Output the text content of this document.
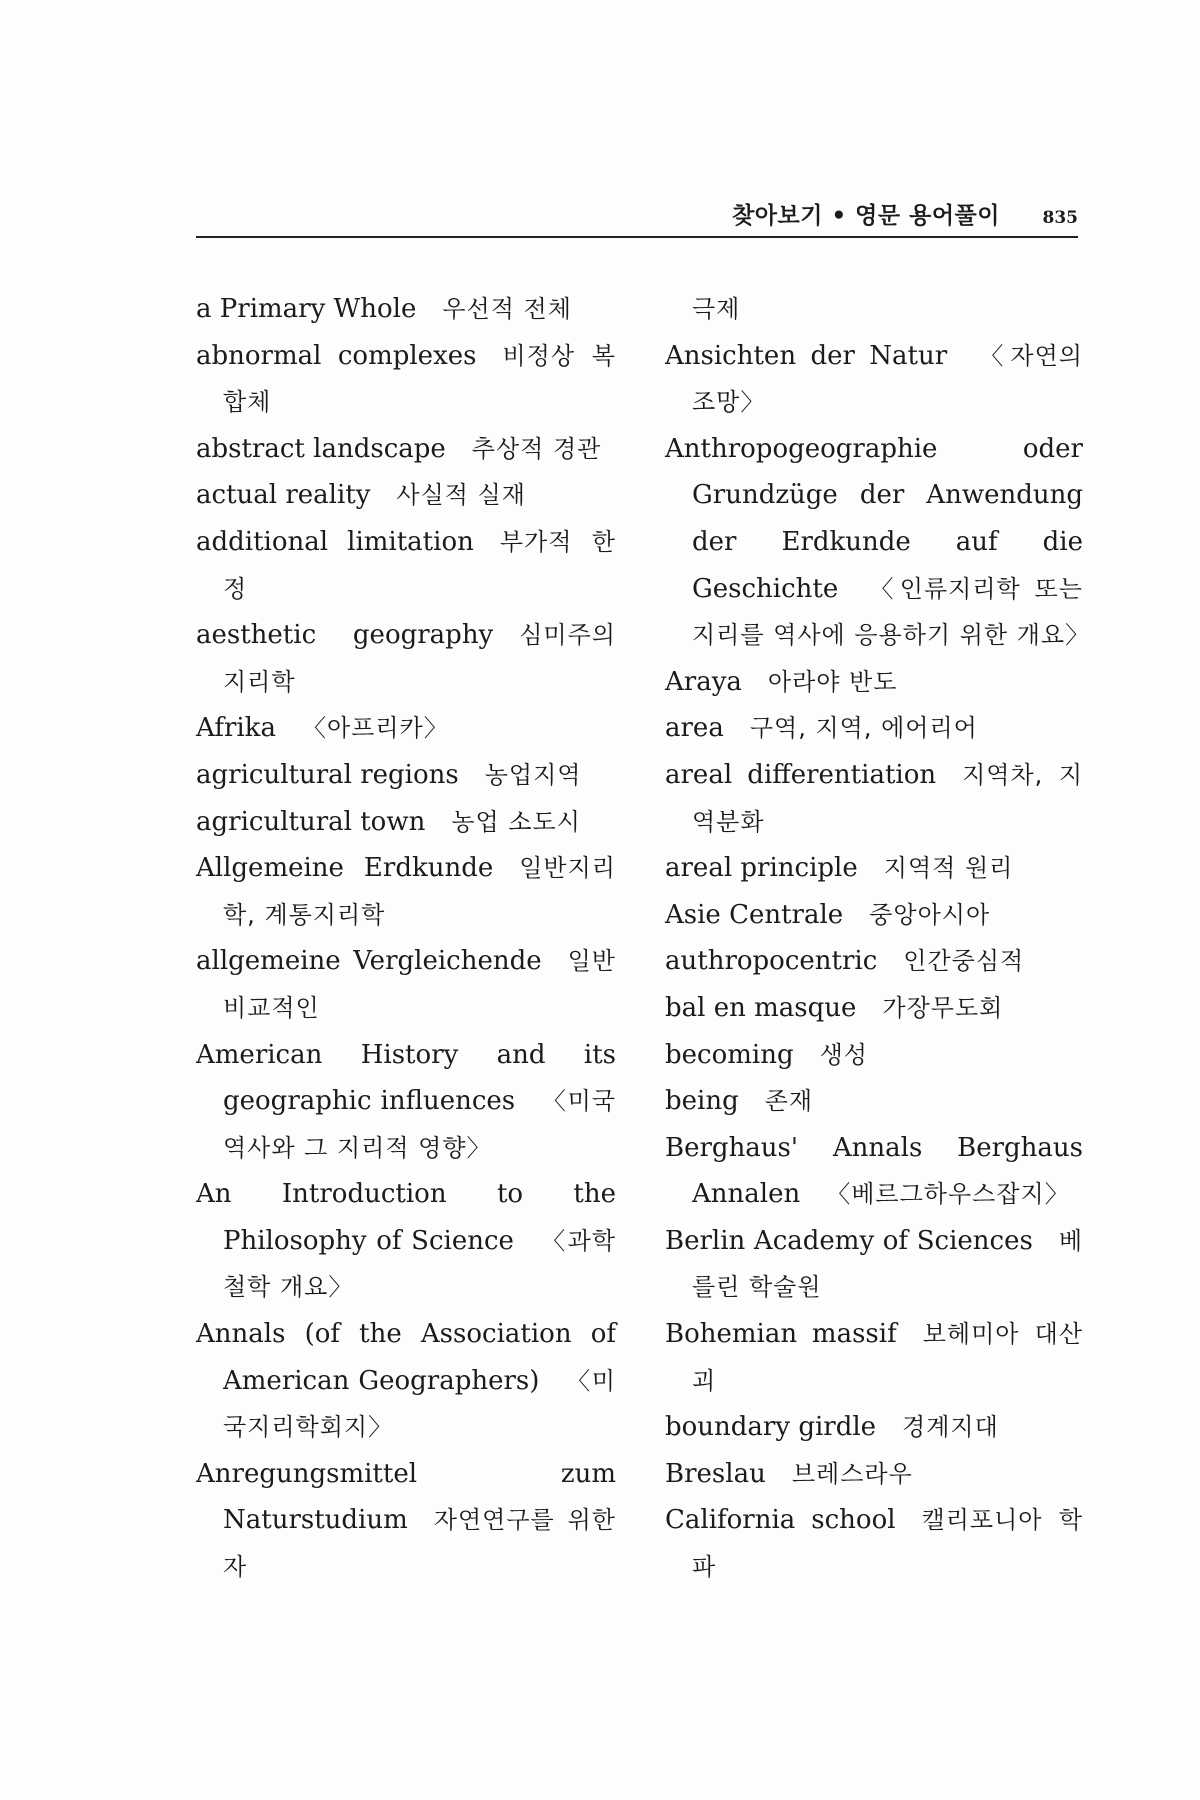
찾아보기 • 영문 용어풀이	835
a Primary Whole   우선적 전체
abnormal complexes   비정상 복합체
abstract landscape   추상적 경관
actual reality   사실적 실재
additional limitation   부가적 한정
aesthetic geography   심미주의 지리학
Afrika   〈아프리카〉
agricultural regions   농업지역
agricultural town   농업 소도시
Allgemeine Erdkunde   일반지리학, 계통지리학
allgemeine Vergleichende   일반 비교적인
American History and its geographic influences   〈미국역사와 그 지리적 영향〉
An Introduction to the Philosophy of Science   〈과학철학 개요〉
Annals (of the Association of American Geographers)   〈미국지리학회지〉
Anregungsmittel zum Naturstudium   자연연구를 위한 자
극제
Ansichten der Natur   〈자연의 조망〉
Anthropogeographie oder Grundzüge der Anwendung der Erdkunde auf die Geschichte   〈인류지리학 또는 지리를 역사에 응용하기 위한 개요〉
Araya   아라야 반도
area   구역, 지역, 에어리어
areal differentiation   지역차, 지역분화
areal principle   지역적 원리
Asie Centrale   중앙아시아
authropocentric   인간중심적
bal en masque   가장무도회
becoming   생성
being   존재
Berghaus' Annals Berghaus Annalen   〈베르그하우스잡지〉
Berlin Academy of Sciences   베를린 학술원
Bohemian massif   보헤미아 대산괴
boundary girdle   경계지대
Breslau   브레스라우
California school   캘리포니아 학파
